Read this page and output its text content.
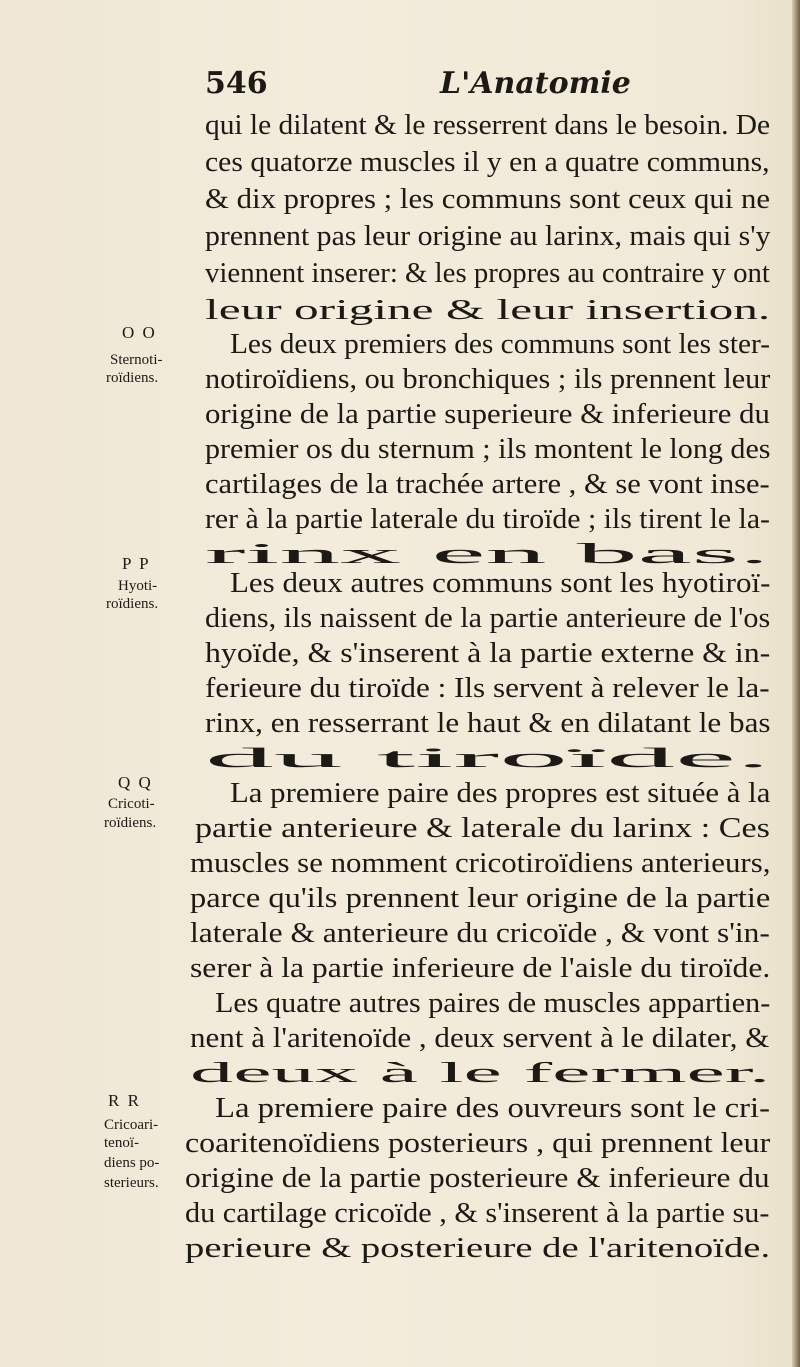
546	L'Anatomie
O O
Sternoti-
roïdiens.
P P
Hyoti-
roïdiens.
Q Q
Cricoti-
roïdiens.
R R
Cricoari-
tenoï-
diens po-
sterieurs.
qui le dilatent & le resserrent dans le besoin. De
ces quatorze muscles il y en a quatre communs,
& dix propres ; les communs sont ceux qui ne
prennent pas leur origine au larinx, mais qui s'y
viennent inserer: & les propres au contraire y ont
leur origine & leur insertion.
Les deux premiers des communs sont les ster-
notiroïdiens, ou bronchiques ; ils prennent leur
origine de la partie superieure & inferieure du
premier os du sternum ; ils montent le long des
cartilages de la trachée artere , & se vont inse-
rer à la partie laterale du tiroïde ; ils tirent le la-
rinx en bas.
Les deux autres communs sont les hyotiroï-
diens, ils naissent de la partie anterieure de l'os
hyoïde, & s'inserent à la partie externe & in-
ferieure du tiroïde : Ils servent à relever le la-
rinx, en resserrant le haut & en dilatant le bas
du tiroïde.
La premiere paire des propres est située à la
partie anterieure & laterale du larinx : Ces
muscles se nomment cricotiroïdiens anterieurs,
parce qu'ils prennent leur origine de la partie
laterale & anterieure du cricoïde , & vont s'in-
serer à la partie inferieure de l'aisle du tiroïde.
Les quatre autres paires de muscles appartien-
nent à l'aritenoïde , deux servent à le dilater, &
deux à le fermer.
La premiere paire des ouvreurs sont le cri-
coaritenoïdiens posterieurs , qui prennent leur
origine de la partie posterieure & inferieure du
du cartilage cricoïde , & s'inserent à la partie su-
perieure & posterieure de l'aritenoïde.
